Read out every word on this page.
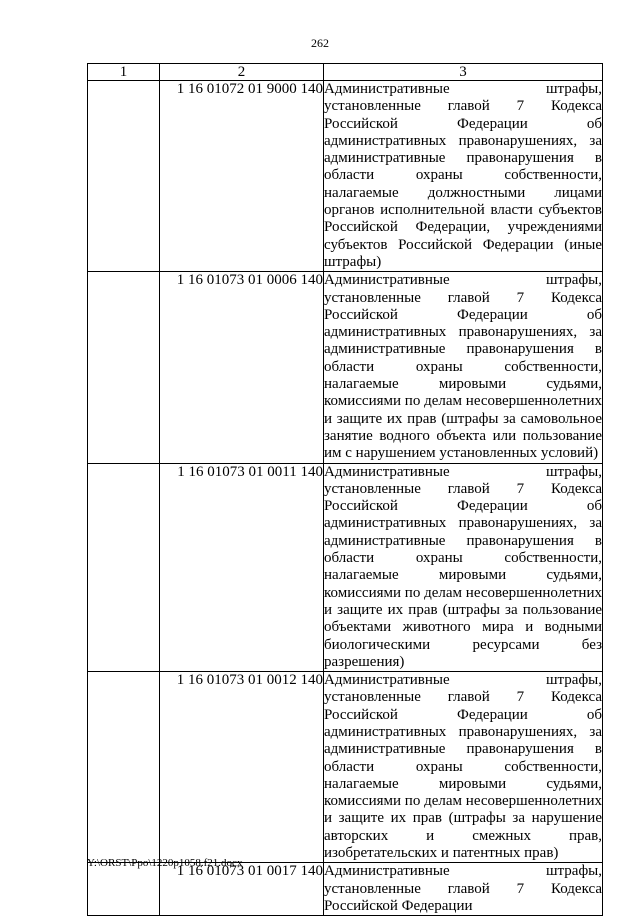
262
1	2	3
	1 16 01072 01 9000 140	Административные штрафы, установленные главой 7 Кодекса Российской Федерации об административных правонарушениях, за административные правонарушения в области охраны собственности, налагаемые должностными лицами органов исполнительной власти субъектов Российской Федерации, учреждениями субъектов Российской Федерации (иные штрафы)
	1 16 01073 01 0006 140	Административные штрафы, установленные главой 7 Кодекса Российской Федерации об административных правонарушениях, за административные правонарушения в области охраны собственности, налагаемые мировыми судьями, комиссиями по делам несовершеннолетних и защите их прав (штрафы за самовольное занятие водного объекта или пользование им с нарушением установленных условий)
	1 16 01073 01 0011 140	Административные штрафы, установленные главой 7 Кодекса Российской Федерации об административных правонарушениях, за административные правонарушения в области охраны собственности, налагаемые мировыми судьями, комиссиями по делам несовершеннолетних и защите их прав (штрафы за пользование объектами животного мира и водными биологическими ресурсами без разрешения)
	1 16 01073 01 0012 140	Административные штрафы, установленные главой 7 Кодекса Российской Федерации об административных правонарушениях, за административные правонарушения в области охраны собственности, налагаемые мировыми судьями, комиссиями по делам несовершеннолетних и защите их прав (штрафы за нарушение авторских и смежных прав, изобретательских и патентных прав)
	1 16 01073 01 0017 140	Административные штрафы, установленные главой 7 Кодекса Российской Федерации
Y:\ORST\Ppo\1220p1058.f21.docx
